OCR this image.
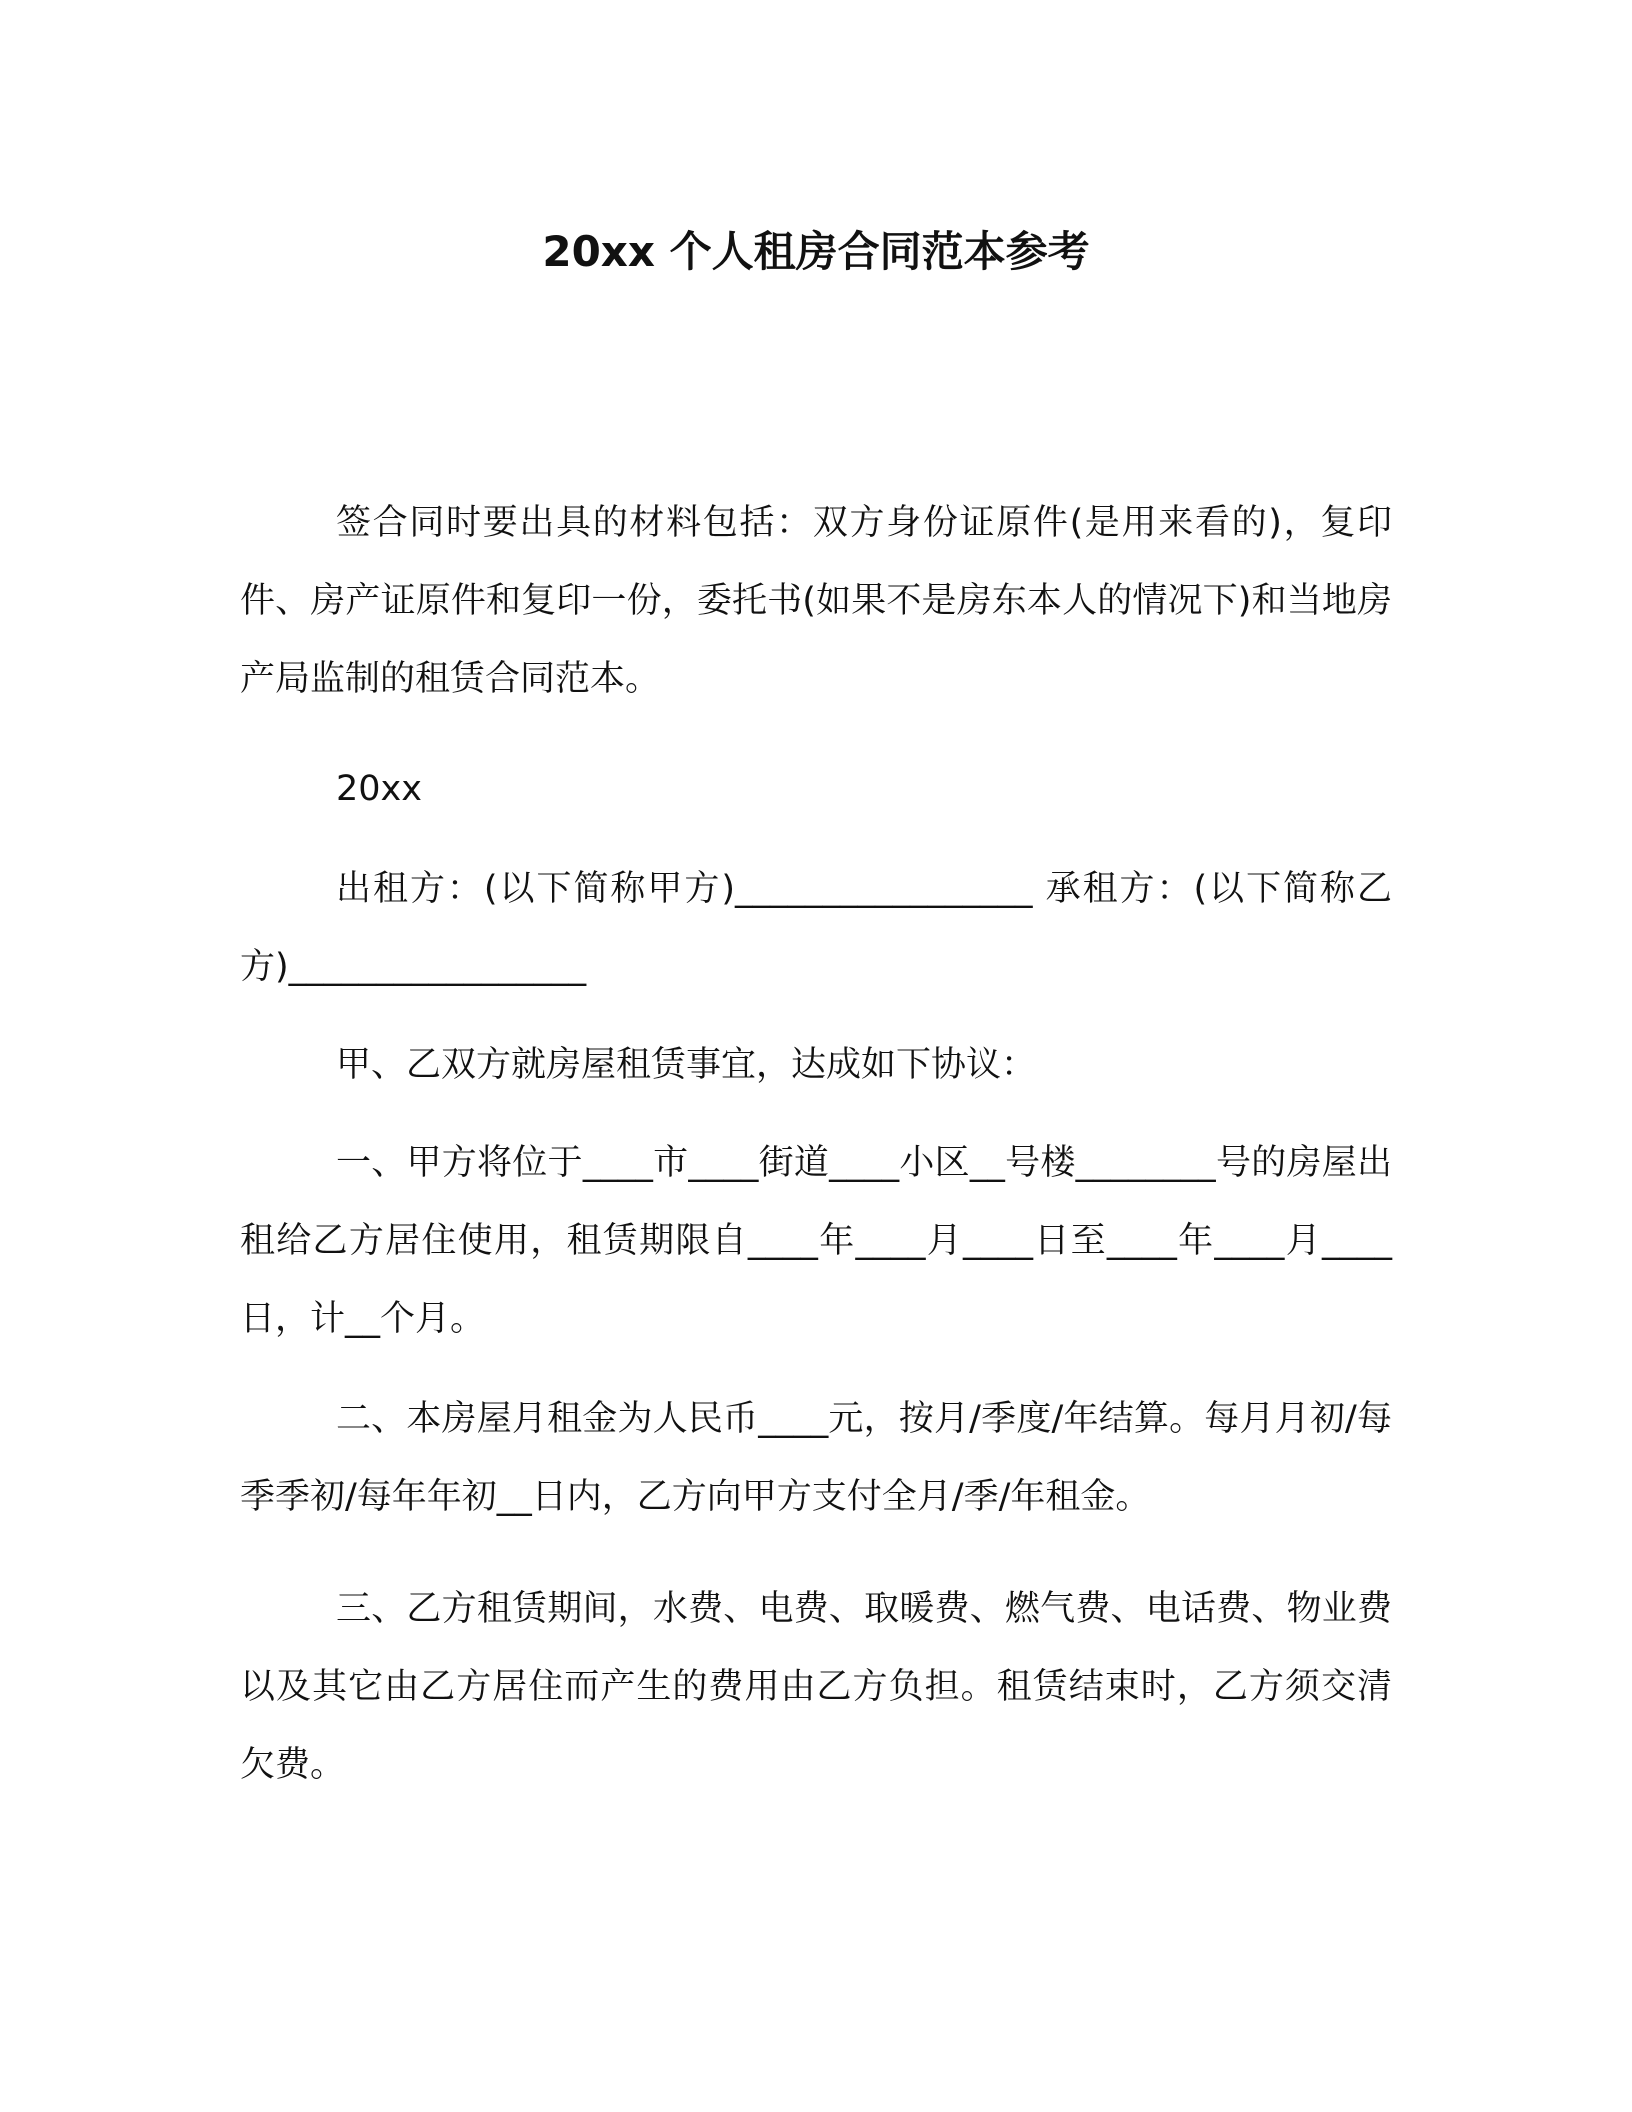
20xx 个人租房合同范本参考
签合同时要出具的材料包括：双方身份证原件(是用来看的)，复印件、房产证原件和复印一份，委托书(如果不是房东本人的情况下)和当地房产局监制的租赁合同范本。
20xx
出租方：(以下简称甲方)_________________ 承租方：(以下简称乙方)_________________
甲、乙双方就房屋租赁事宜，达成如下协议：
一、甲方将位于____市____街道____小区__号楼________号的房屋出租给乙方居住使用，租赁期限自____年____月____日至____年____月____日，计__个月。
二、本房屋月租金为人民币____元，按月/季度/年结算。每月月初/每季季初/每年年初__日内，乙方向甲方支付全月/季/年租金。
三、乙方租赁期间，水费、电费、取暖费、燃气费、电话费、物业费以及其它由乙方居住而产生的费用由乙方负担。租赁结束时，乙方须交清欠费。
